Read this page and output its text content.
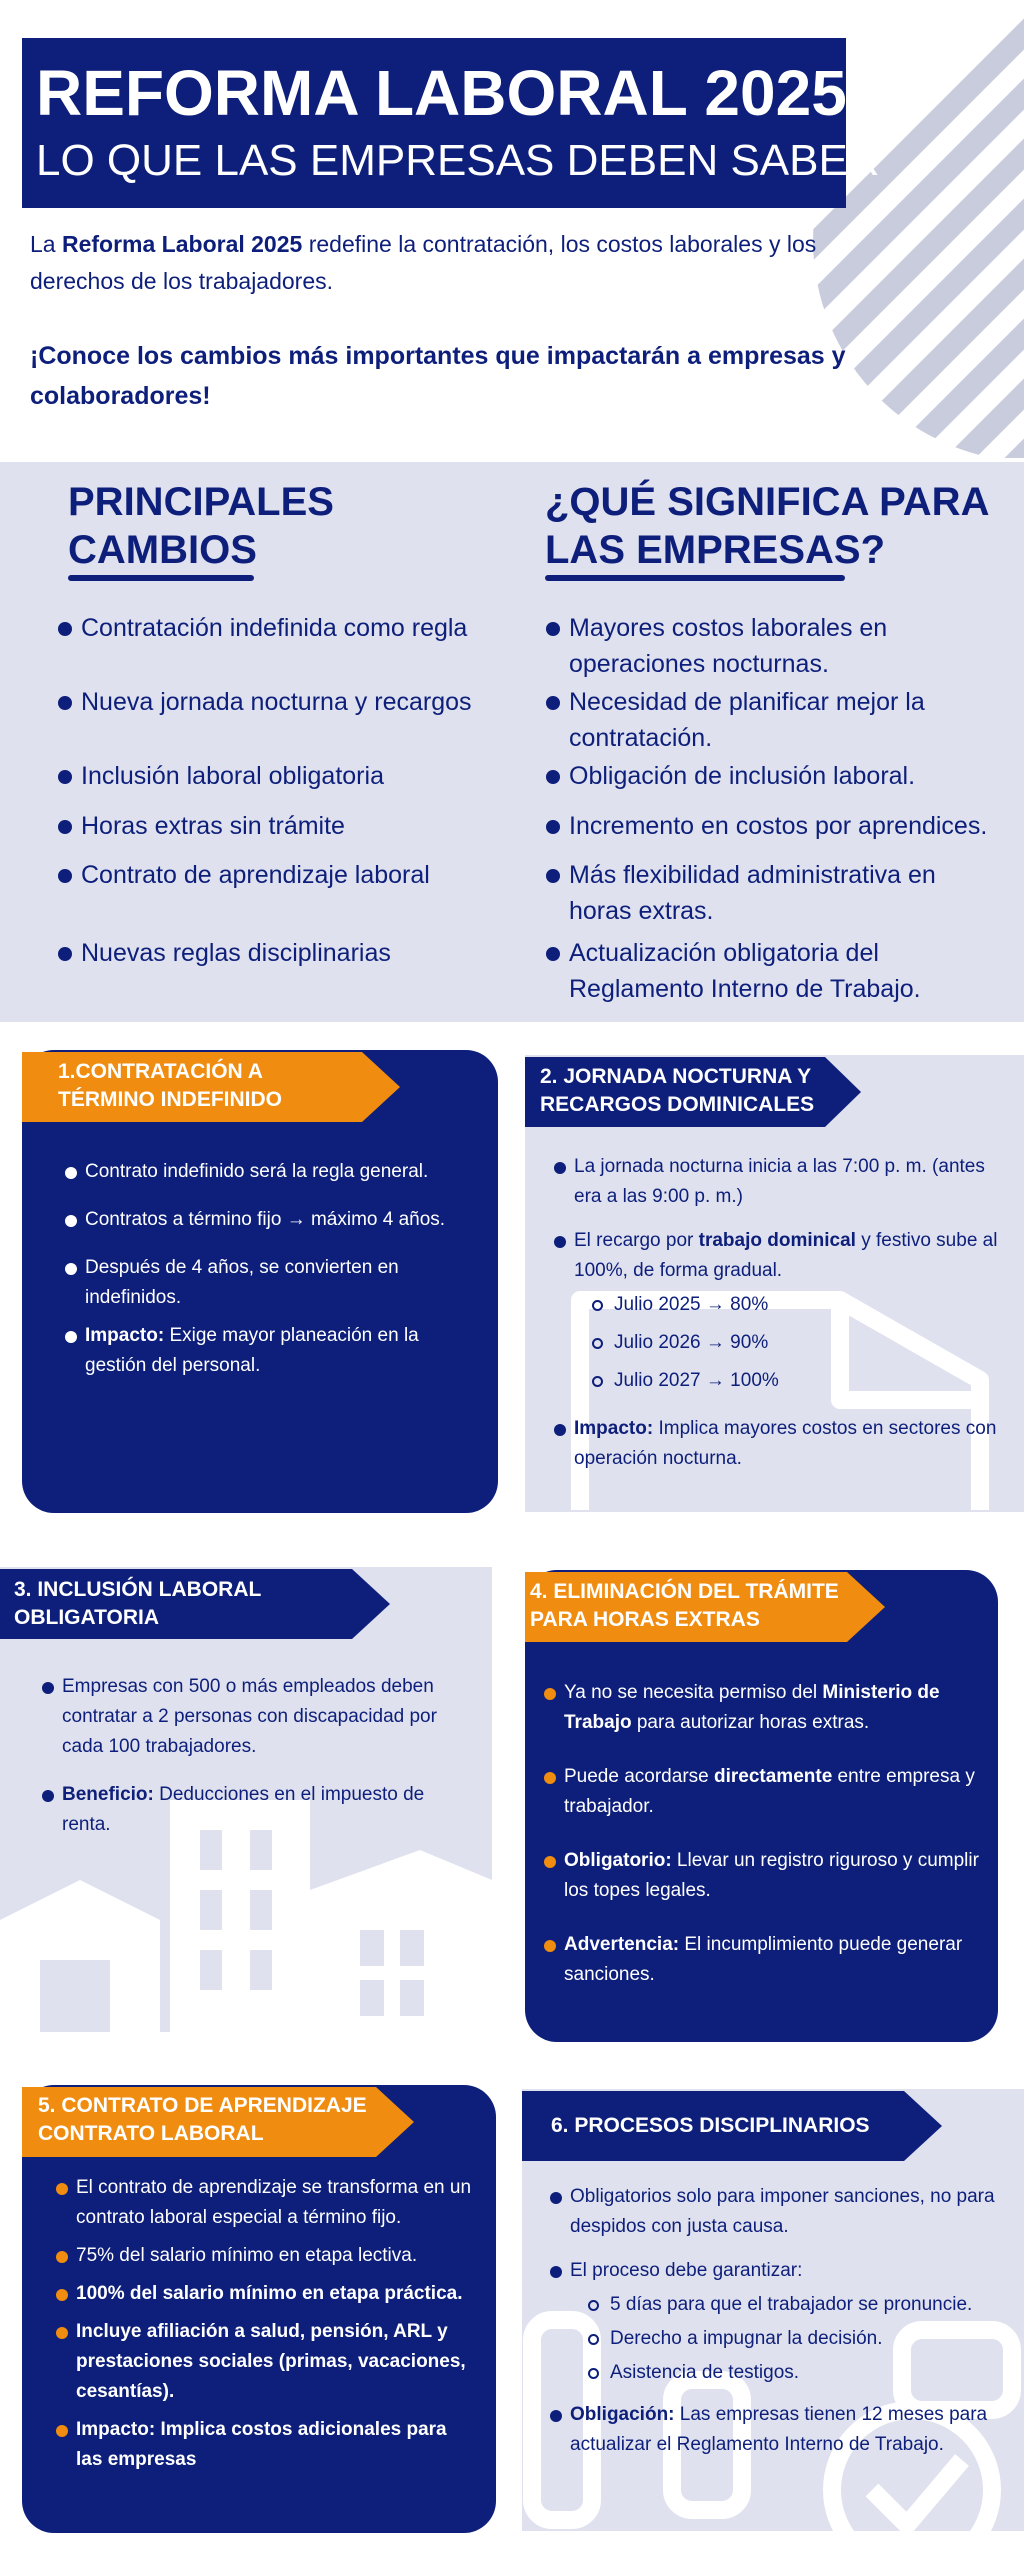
REFORMA LABORAL 2025
LO QUE LAS EMPRESAS DEBEN SABER
La Reforma Laboral 2025 redefine la contratación, los costos laborales y los derechos de los trabajadores.
¡Conoce los cambios más importantes que impactarán a empresas y colaboradores!
PRINCIPALES
CAMBIOS
¿QUÉ SIGNIFICA PARA
LAS EMPRESAS?
Contratación indefinida como regla
Nueva jornada nocturna y recargos
Inclusión laboral obligatoria
Horas extras sin trámite
Contrato de aprendizaje laboral
Nuevas reglas disciplinarias
Mayores costos laborales en operaciones nocturnas.
Necesidad de planificar mejor la contratación.
Obligación de inclusión laboral.
Incremento en costos por aprendices.
Más flexibilidad administrativa en horas extras.
Actualización obligatoria del Reglamento Interno de Trabajo.
1.CONTRATACIÓN A
TÉRMINO INDEFINIDO
Contrato indefinido será la regla general.
Contratos a término fijo → máximo 4 años.
Después de 4 años, se convierten en indefinidos.
Impacto: Exige mayor planeación en la gestión del personal.
2. JORNADA NOCTURNA Y
RECARGOS DOMINICALES
La jornada nocturna inicia a las 7:00 p. m. (antes era a las 9:00 p. m.)
El recargo por trabajo dominical y festivo sube al 100%, de forma gradual.
Julio 2025 → 80%
Julio 2026 → 90%
Julio 2027 → 100%
Impacto: Implica mayores costos en sectores con operación nocturna.
3. INCLUSIÓN LABORAL
OBLIGATORIA
Empresas con 500 o más empleados deben contratar a 2 personas con discapacidad por cada 100 trabajadores.
Beneficio: Deducciones en el impuesto de renta.
4. ELIMINACIÓN DEL TRÁMITE
PARA HORAS EXTRAS
Ya no se necesita permiso del Ministerio de Trabajo para autorizar horas extras.
Puede acordarse directamente entre empresa y trabajador.
Obligatorio: Llevar un registro riguroso y cumplir los topes legales.
Advertencia: El incumplimiento puede generar sanciones.
5. CONTRATO DE APRENDIZAJE
CONTRATO LABORAL
El contrato de aprendizaje se transforma en un contrato laboral especial a término fijo.
75% del salario mínimo en etapa lectiva.
100% del salario mínimo en etapa práctica.
Incluye afiliación a salud, pensión, ARL y prestaciones sociales (primas, vacaciones, cesantías).
Impacto: Implica costos adicionales para las empresas
6. PROCESOS DISCIPLINARIOS
Obligatorios solo para imponer sanciones, no para despidos con justa causa.
El proceso debe garantizar:
5 días para que el trabajador se pronuncie.
Derecho a impugnar la decisión.
Asistencia de testigos.
Obligación: Las empresas tienen 12 meses para actualizar el Reglamento Interno de Trabajo.
